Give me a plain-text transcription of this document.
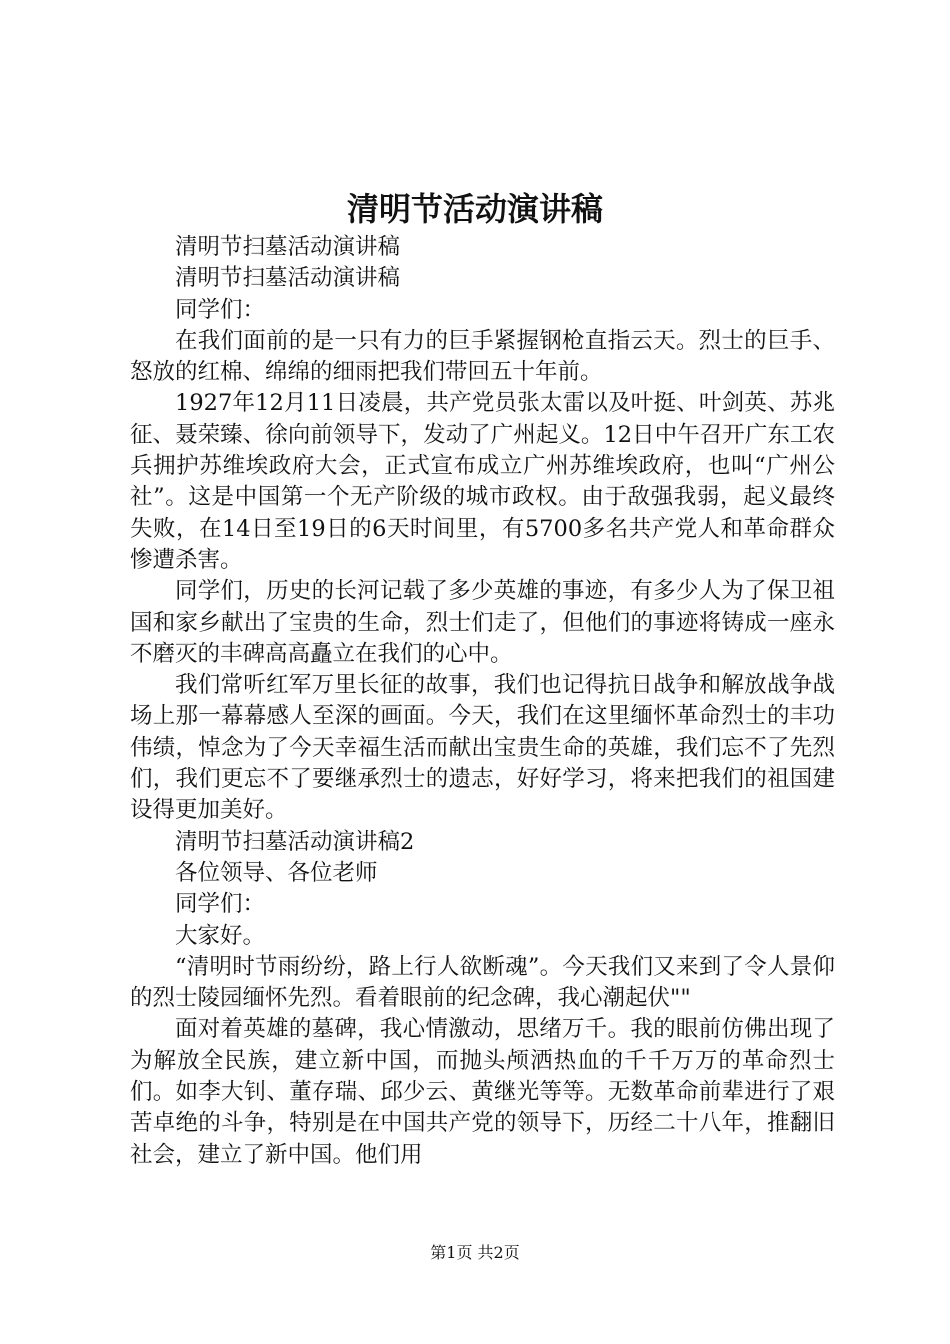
清明节活动演讲稿

清明节扫墓活动演讲稿

清明节扫墓活动演讲稿

同学们：

在我们面前的是一只有力的巨手紧握钢枪直指云天。烈士的巨手、怒放的红棉、绵绵的细雨把我们带回五十年前。

1927年12月11日凌晨，共产党员张太雷以及叶挺、叶剑英、苏兆征、聂荣臻、徐向前领导下，发动了广州起义。12日中午召开广东工农兵拥护苏维埃政府大会，正式宣布成立广州苏维埃政府，也叫“广州公社”。这是中国第一个无产阶级的城市政权。由于敌强我弱，起义最终失败，在14日至19日的6天时间里，有5700多名共产党人和革命群众惨遭杀害。

同学们，历史的长河记载了多少英雄的事迹，有多少人为了保卫祖国和家乡献出了宝贵的生命，烈士们走了，但他们的事迹将铸成一座永不磨灭的丰碑高高矗立在我们的心中。

我们常听红军万里长征的故事，我们也记得抗日战争和解放战争战场上那一幕幕感人至深的画面。今天，我们在这里缅怀革命烈士的丰功伟绩，悼念为了今天幸福生活而献出宝贵生命的英雄，我们忘不了先烈们，我们更忘不了要继承烈士的遗志，好好学习，将来把我们的祖国建设得更加美好。

清明节扫墓活动演讲稿2

各位领导、各位老师

同学们：

大家好。

“清明时节雨纷纷，路上行人欲断魂”。今天我们又来到了令人景仰的烈士陵园缅怀先烈。看着眼前的纪念碑，我心潮起伏""

面对着英雄的墓碑，我心情激动，思绪万千。我的眼前仿佛出现了为解放全民族，建立新中国，而抛头颅洒热血的千千万万的革命烈士们。如李大钊、董存瑞、邱少云、黄继光等等。无数革命前辈进行了艰苦卓绝的斗争，特别是在中国共产党的领导下，历经二十八年，推翻旧社会，建立了新中国。他们用

第1页 共2页
